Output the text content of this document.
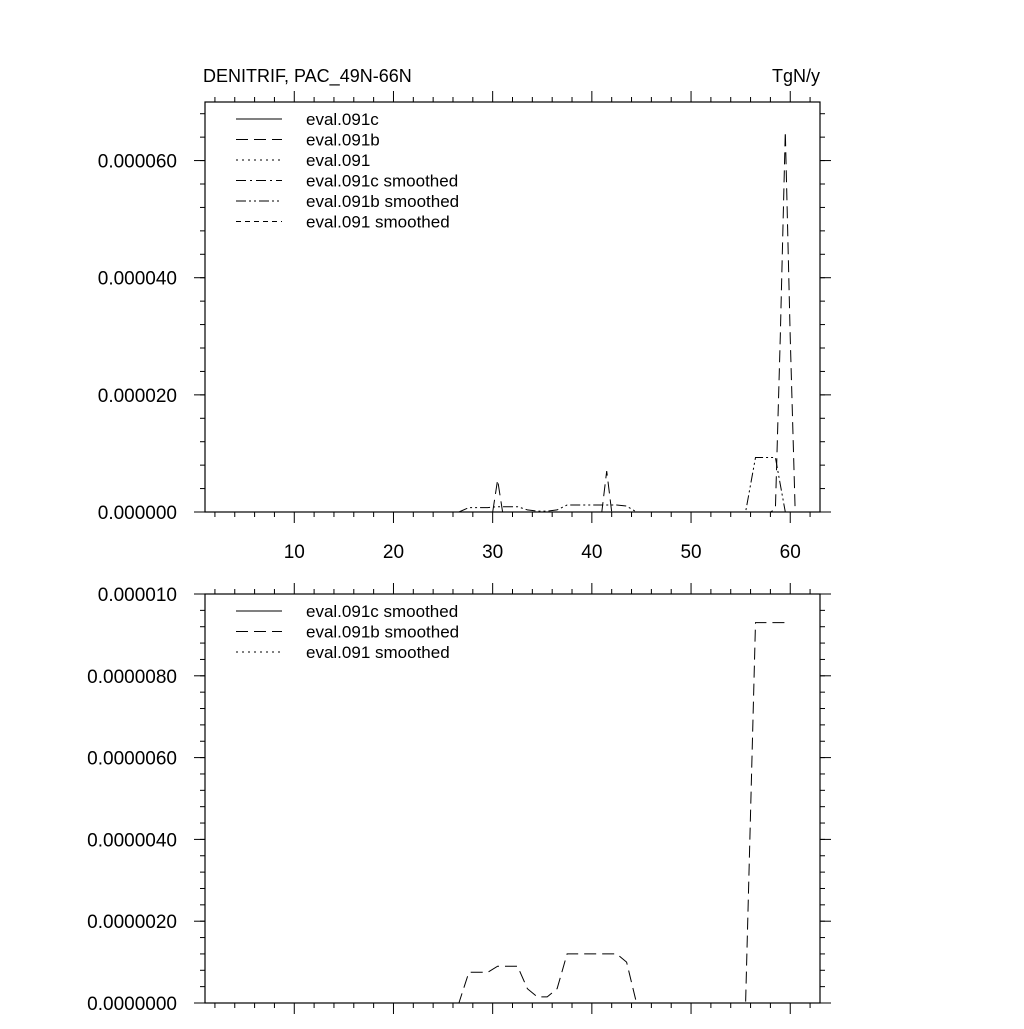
DENITRIF, PAC_49N-66N	TgN/y
10	20	30	40	50	60
0.000000
0.000020
0.000040
0.000060
eval.091c
eval.091b
eval.091
eval.091c smoothed
eval.091b smoothed
eval.091 smoothed
0.0000000
0.0000020
0.0000040
0.0000060
0.0000080
0.000010
eval.091c smoothed
eval.091b smoothed
eval.091 smoothed
